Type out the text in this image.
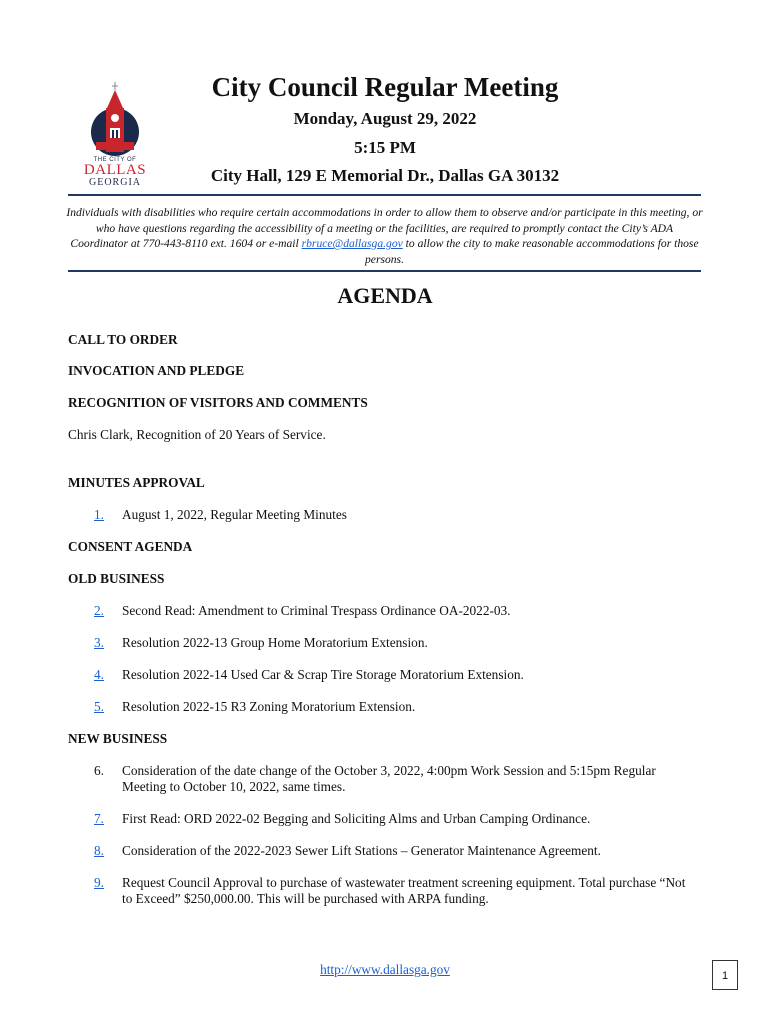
THE CITY OF
DALLAS
GEORGIA
City Council Regular Meeting
Monday, August 29, 2022
5:15 PM
City Hall, 129 E Memorial Dr., Dallas GA 30132
Individuals with disabilities who require certain accommodations in order to allow them to observe and/or participate in this meeting, or who have questions regarding the accessibility of a meeting or the facilities, are required to promptly contact the City’s ADA Coordinator at 770-443-8110 ext. 1604 or e-mail rbruce@dallasga.gov to allow the city to make reasonable accommodations for those persons.
AGENDA
CALL TO ORDER
INVOCATION AND PLEDGE
RECOGNITION OF VISITORS AND COMMENTS
Chris Clark, Recognition of 20 Years of Service.
MINUTES APPROVAL
1. August 1, 2022, Regular Meeting Minutes
CONSENT AGENDA
OLD BUSINESS
2. Second Read: Amendment to Criminal Trespass Ordinance OA-2022-03.
3. Resolution 2022-13 Group Home Moratorium Extension.
4. Resolution 2022-14 Used Car & Scrap Tire Storage Moratorium Extension.
5. Resolution 2022-15 R3 Zoning Moratorium Extension.
NEW BUSINESS
6. Consideration of the date change of the October 3, 2022, 4:00pm Work Session and 5:15pm Regular Meeting to October 10, 2022, same times.
7. First Read: ORD 2022-02 Begging and Soliciting Alms and Urban Camping Ordinance.
8. Consideration of the 2022-2023 Sewer Lift Stations – Generator Maintenance Agreement.
9. Request Council Approval to purchase of wastewater treatment screening equipment. Total purchase “Not to Exceed” $250,000.00. This will be purchased with ARPA funding.
http://www.dallasga.gov	1
